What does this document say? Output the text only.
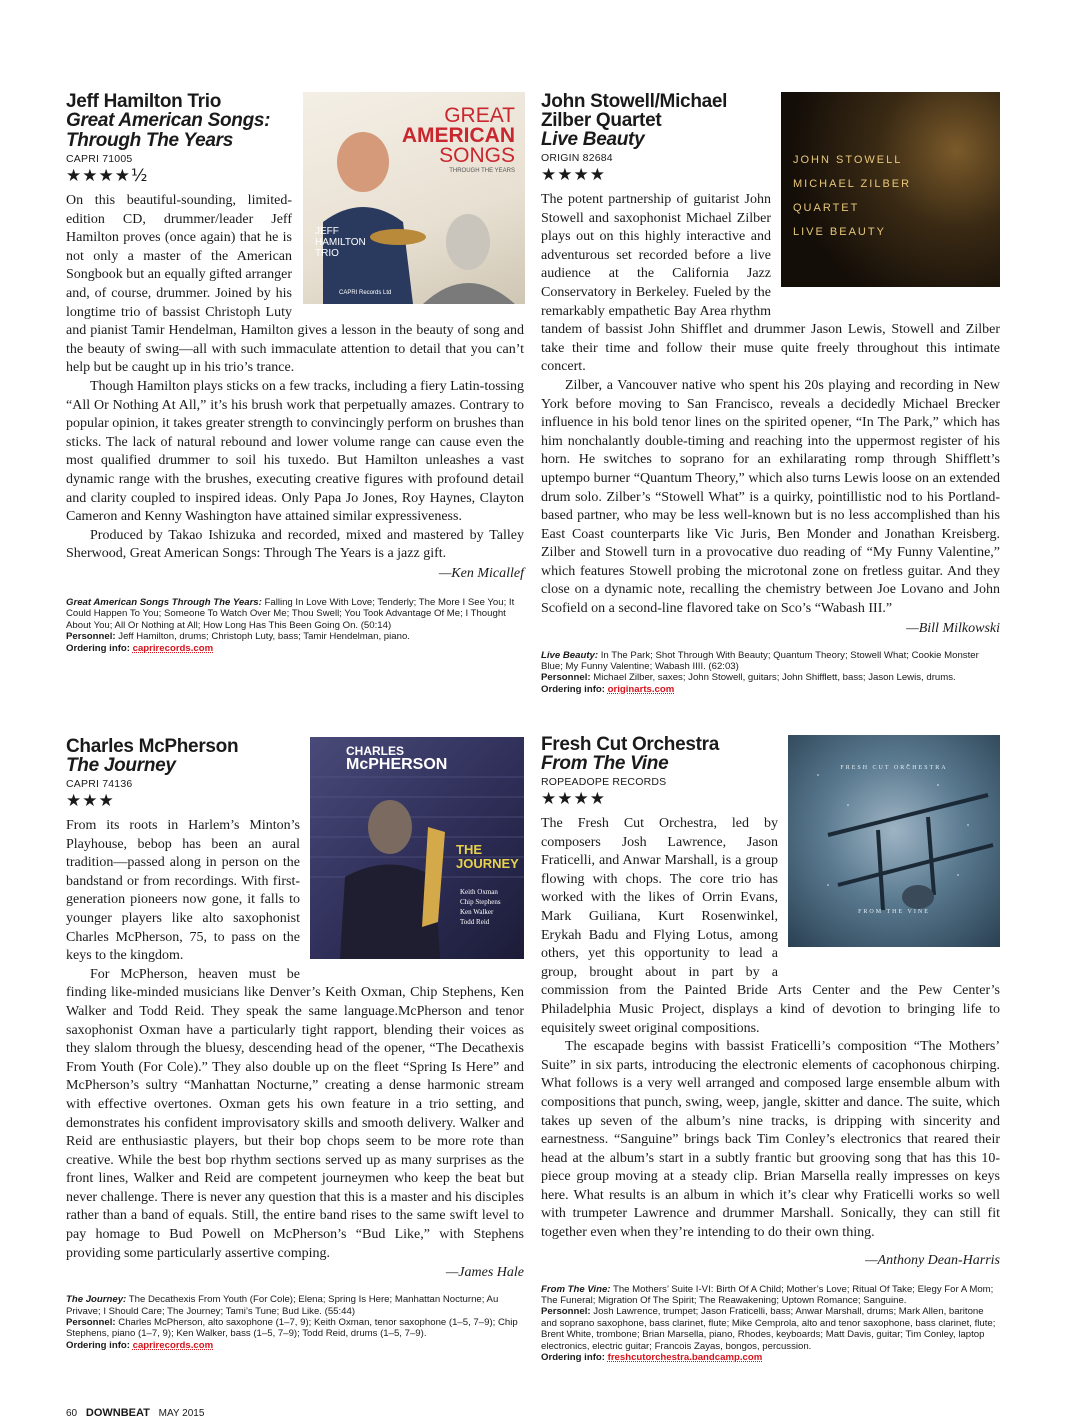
Jeff Hamilton Trio
Great American Songs:
Through The Years
CAPRI 71005
★★★★½

On this beautiful-sounding, limited-edition CD, drummer/leader Jeff Hamilton proves (once again) that he is not only a master of the American Songbook but an equally gifted arranger and, of course, drummer. Joined by his longtime trio of bassist Christoph Luty and pianist Tamir Hendelman, Hamilton gives a lesson in the beauty of song and the beauty of swing—all with such immaculate attention to detail that you can’t help but be caught up in his trio’s trance.

Though Hamilton plays sticks on a few tracks, including a fiery Latin-tossing “All Or Nothing At All,” it’s his brush work that perpetually amazes. Contrary to popular opinion, it takes greater strength to convincingly perform on brushes than sticks. The lack of natural rebound and lower volume range can cause even the most qualified drummer to soil his tuxedo. But Hamilton unleashes a vast dynamic range with the brushes, executing creative figures with profound detail and clarity coupled to inspired ideas. Only Papa Jo Jones, Roy Haynes, Clayton Cameron and Kenny Washington have attained similar expressiveness.

Produced by Takao Ishizuka and recorded, mixed and mastered by Talley Sherwood, Great American Songs: Through The Years is a jazz gift.

—Ken Micallef
Great American Songs Through The Years: Falling In Love With Love; Tenderly; The More I See You; It Could Happen To You; Someone To Watch Over Me; Thou Swell; You Took Advantage Of Me; I Thought About You; All Or Nothing at All; How Long Has This Been Going On. (50:14)
Personnel: Jeff Hamilton, drums; Christoph Luty, bass; Tamir Hendelman, piano.
Ordering info: caprirecords.com
GREAT
AMERICAN
SONGS
THROUGH THE YEARS
JEFF
HAMILTON
TRIO
CAPRI Records Ltd
John Stowell/Michael
Zilber Quartet
Live Beauty
ORIGIN 82684
★★★★

The potent partnership of guitarist John Stowell and saxophonist Michael Zilber plays out on this highly interactive and adventurous set recorded before a live audience at the California Jazz Conservatory in Berkeley. Fueled by the remarkably empathetic Bay Area rhythm tandem of bassist John Shifflet and drummer Jason Lewis, Stowell and Zilber take their time and follow their muse quite freely throughout this intimate concert.

Zilber, a Vancouver native who spent his 20s playing and recording in New York before moving to San Francisco, reveals a decidedly Michael Brecker influence in his bold tenor lines on the spirited opener, “In The Park,” which has him nonchalantly double-timing and reaching into the uppermost register of his horn. He switches to soprano for an exhilarating romp through Shifflett’s uptempo burner “Quantum Theory,” which also turns Lewis loose on an extended drum solo. Zilber’s “Stowell What” is a quirky, pointillistic nod to his Portland-based partner, who may be less well-known but is no less accomplished than his East Coast counterparts like Vic Juris, Ben Monder and Jonathan Kreisberg. Zilber and Stowell turn in a provocative duo reading of “My Funny Valentine,” which features Stowell probing the microtonal zone on fretless guitar. And they close on a dynamic note, recalling the chemistry between Joe Lovano and John Scofield on a second-line flavored take on Sco’s “Wabash III.”

—Bill Milkowski
Live Beauty: In The Park; Shot Through With Beauty; Quantum Theory; Stowell What; Cookie Monster Blue; My Funny Valentine; Wabash IIII. (62:03)
Personnel: Michael Zilber, saxes; John Stowell, guitars; John Shifflett, bass; Jason Lewis, drums.
Ordering info: originarts.com
JOHN STOWELL
MICHAEL ZILBER
QUARTET
LIVE BEAUTY
Charles McPherson
The Journey
CAPRI 74136
★★★

From its roots in Harlem’s Minton’s Playhouse, bebop has been an aural tradition—passed along in person on the bandstand or from recordings. With first-generation pioneers now gone, it falls to younger players like alto saxophonist Charles McPherson, 75, to pass on the keys to the kingdom.

For McPherson, heaven must be finding like-minded musicians like Denver’s Keith Oxman, Chip Stephens, Ken Walker and Todd Reid. They speak the same language.McPherson and tenor saxophonist Oxman have a particularly tight rapport, blending their voices as they slalom through the bluesy, descending head of the opener, “The Decathexis From Youth (For Cole).” They also double up on the fleet “Spring Is Here” and McPherson’s sultry “Manhattan Nocturne,” creating a dense harmonic stream with effective overtones. Oxman gets his own feature in a trio setting, and demonstrates his confident improvisatory skills and smooth delivery. Walker and Reid are enthusiastic players, but their bop chops seem to be more rote than creative. While the best bop rhythm sections served up as many surprises as the front lines, Walker and Reid are competent journeymen who keep the beat but never challenge. There is never any question that this is a master and his disciples rather than a band of equals. Still, the entire band rises to the same swift level to pay homage to Bud Powell on McPherson’s “Bud Like,” with Stephens providing some particularly assertive comping.

—James Hale
The Journey: The Decathexis From Youth (For Cole); Elena; Spring Is Here; Manhattan Nocturne; Au Privave; I Should Care; The Journey; Tami’s Tune; Bud Like. (55:44)
Personnel: Charles McPherson, alto saxophone (1–7, 9); Keith Oxman, tenor saxophone (1–5, 7–9); Chip Stephens, piano (1–7, 9); Ken Walker, bass (1–5, 7–9); Todd Reid, drums (1–5, 7–9).
Ordering info: caprirecords.com
CHARLES
McPHERSON
THE JOURNEY
Keith Oxman
Chip Stephens
Ken Walker
Todd Reid
Fresh Cut Orchestra
From The Vine
ROPEADOPE RECORDS
★★★★

The Fresh Cut Orchestra, led by composers Josh Lawrence, Jason Fraticelli, and Anwar Marshall, is a group flowing with chops. The core trio has worked with the likes of Orrin Evans, Mark Guiliana, Kurt Rosenwinkel, Erykah Badu and Flying Lotus, among others, yet this opportunity to lead a group, brought about in part by a commission from the Painted Bride Arts Center and the Pew Center’s Philadelphia Music Project, displays a kind of devotion to bringing life to equisitely sweet original compositions.

The escapade begins with bassist Fraticelli’s composition “The Mothers’ Suite” in six parts, introducing the electronic elements of cacophonous chirping. What follows is a very well arranged and composed large ensemble album with compositions that punch, swing, weep, jangle, skitter and dance. The suite, which takes up seven of the album’s nine tracks, is dripping with sincerity and earnestness. “Sanguine” brings back Tim Conley’s electronics that reared their head at the album’s start in a subtly frantic but grooving song that has this 10-piece group moving at a steady clip. Brian Marsella really impresses on keys here. What results is an album in which it’s clear why Fraticelli works so well with trumpeter Lawrence and drummer Marshall. Sonically, they can still fit together even when they’re intending to do their own thing.

—Anthony Dean-Harris
From The Vine: The Mothers’ Suite I-VI: Birth Of A Child; Mother’s Love; Ritual Of Take; Elegy For A Mom; The Funeral; Migration Of The Spirit; The Reawakening; Uptown Romance; Sanguine.
Personnel: Josh Lawrence, trumpet; Jason Fraticelli, bass; Anwar Marshall, drums; Mark Allen, baritone and soprano saxophone, bass clarinet, flute; Mike Cemprola, alto and tenor saxophone, bass clarinet, flute; Brent White, trombone; Brian Marsella, piano, Rhodes, keyboards; Matt Davis, guitar; Tim Conley, laptop electronics, electric guitar; Francois Zayas, bongos, percussion.
Ordering info: freshcutorchestra.bandcamp.com
FRESH CUT ORCHESTRA
FROM THE VINE
60 DOWNBEAT MAY 2015
